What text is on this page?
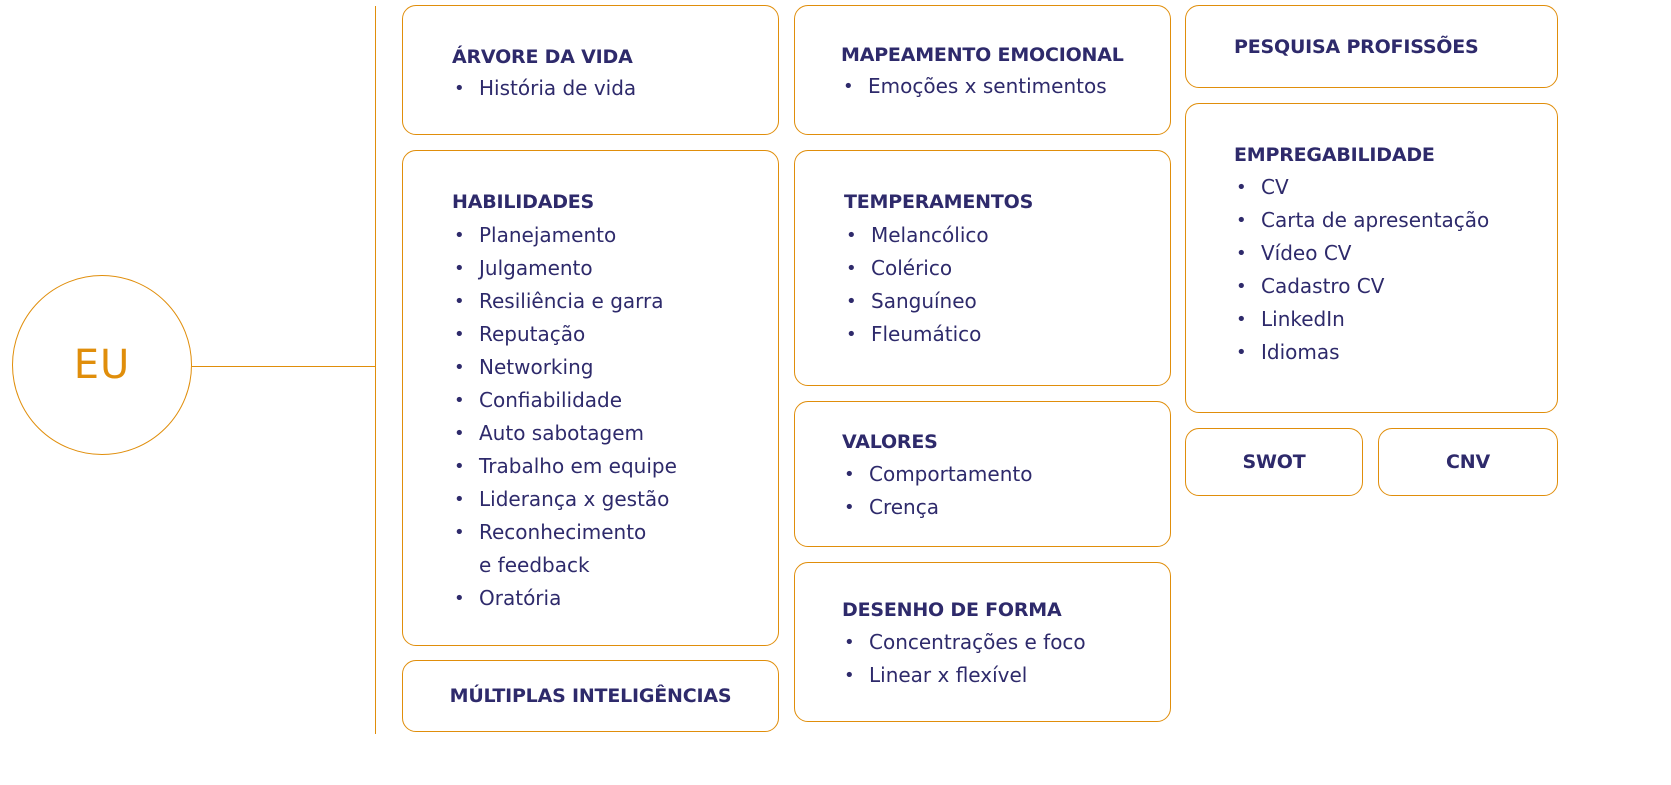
EU
ÁRVORE DA VIDA
• História de vida
HABILIDADES
• Planejamento
• Julgamento
• Resiliência e garra
• Reputação
• Networking
• Confiabilidade
• Auto sabotagem
• Trabalho em equipe
• Liderança x gestão
• Reconhecimento
e feedback
• Oratória
MÚLTIPLAS INTELIGÊNCIAS
MAPEAMENTO EMOCIONAL
• Emoções x sentimentos
TEMPERAMENTOS
• Melancólico
• Colérico
• Sanguíneo
• Fleumático
VALORES
• Comportamento
• Crença
DESENHO DE FORMA
• Concentrações e foco
• Linear x flexível
PESQUISA PROFISSÕES
EMPREGABILIDADE
• CV
• Carta de apresentação
• Vídeo CV
• Cadastro CV
• LinkedIn
• Idiomas
SWOT	CNV
